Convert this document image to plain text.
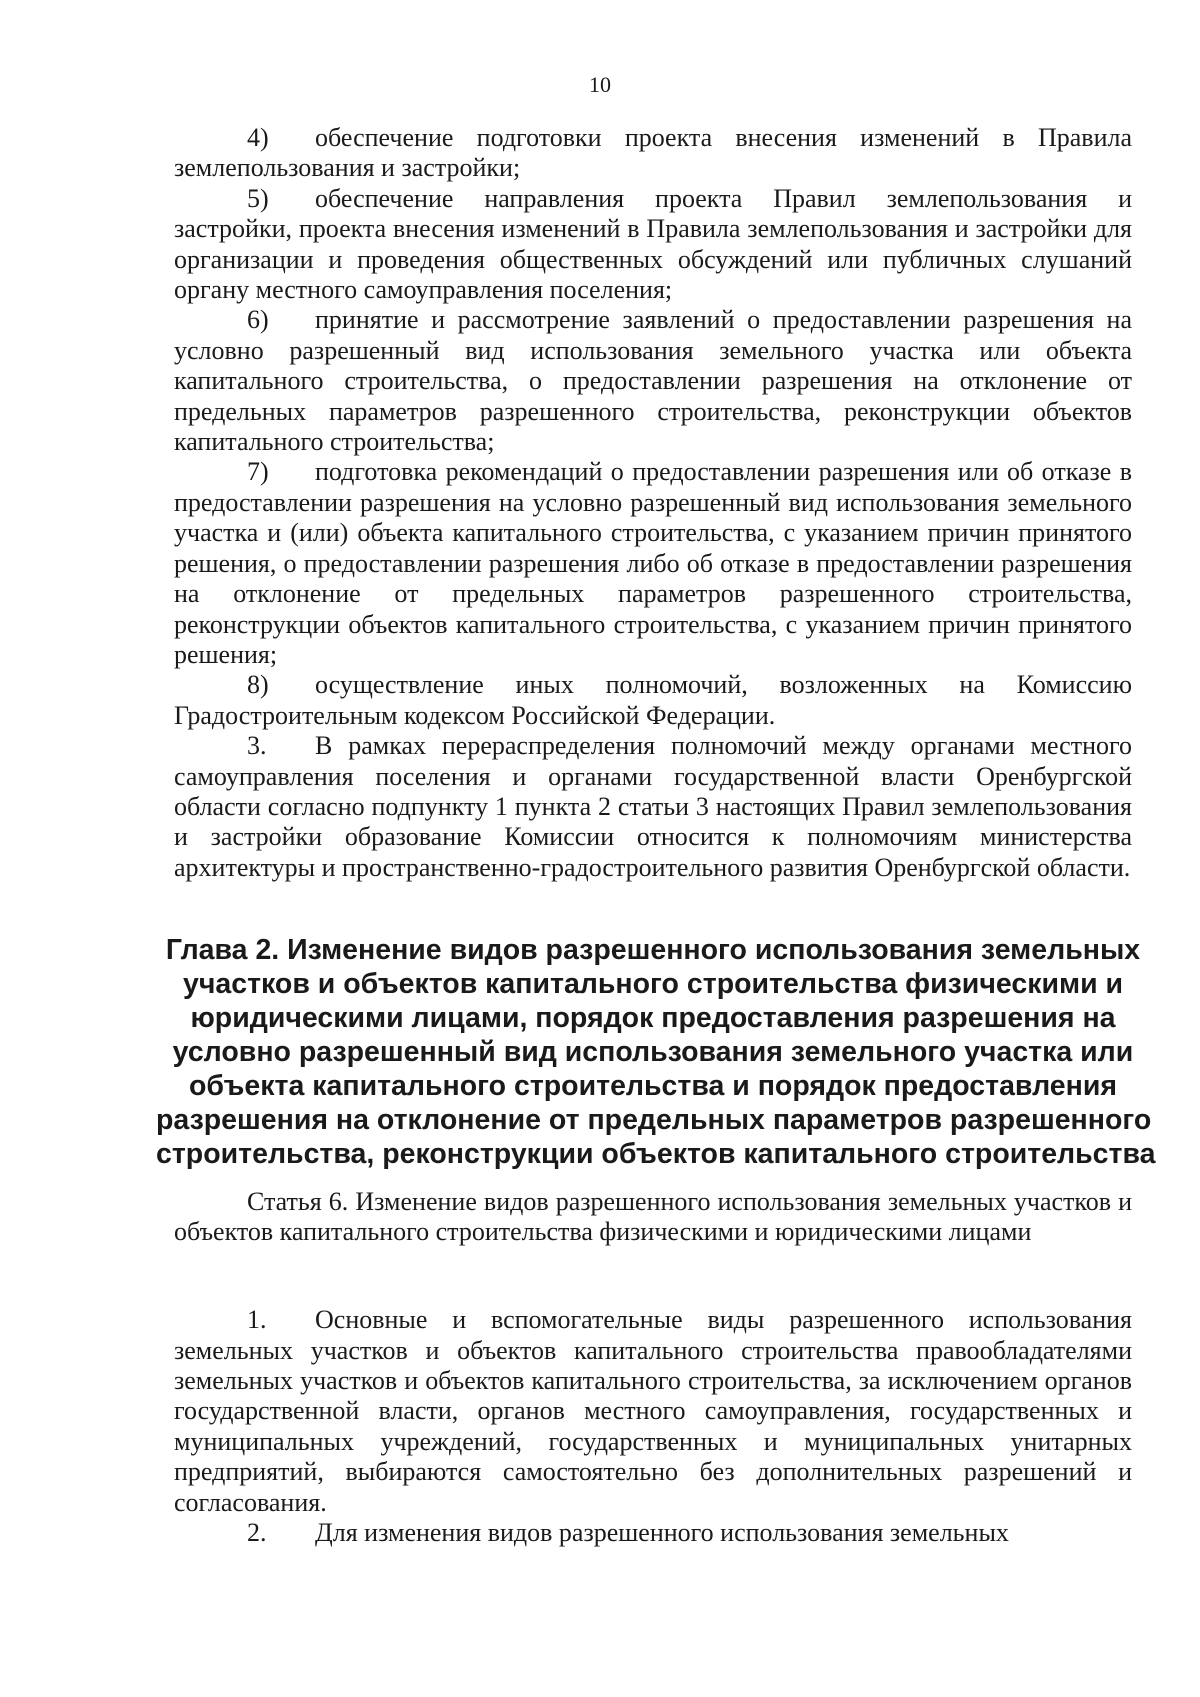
10

4) обеспечение подготовки проекта внесения изменений в Правила землепользования и застройки;

5) обеспечение направления проекта Правил землепользования и застройки, проекта внесения изменений в Правила землепользования и застройки для организации и проведения общественных обсуждений или публичных слушаний органу местного самоуправления поселения;

6) принятие и рассмотрение заявлений о предоставлении разрешения на условно разрешенный вид использования земельного участка или объекта капитального строительства, о предоставлении разрешения на отклонение от предельных параметров разрешенного строительства, реконструкции объектов капитального строительства;

7) подготовка рекомендаций о предоставлении разрешения или об отказе в предоставлении разрешения на условно разрешенный вид использования земельного участка и (или) объекта капитального строительства, с указанием причин принятого решения, о предоставлении разрешения либо об отказе в предоставлении разрешения на отклонение от предельных параметров разрешенного строительства, реконструкции объектов капитального строительства, с указанием причин принятого решения;

8) осуществление иных полномочий, возложенных на Комиссию Градостроительным кодексом Российской Федерации.

3. В рамках перераспределения полномочий между органами местного самоуправления поселения и органами государственной власти Оренбургской области согласно подпункту 1 пункта 2 статьи 3 настоящих Правил землепользования и застройки образование Комиссии относится к полномочиям министерства архитектуры и пространственно-градостроительного развития Оренбургской области.

Глава 2. Изменение видов разрешенного использования земельных
участков и объектов капитального строительства физическими и
юридическими лицами, порядок предоставления разрешения на
условно разрешенный вид использования земельного участка или
объекта капитального строительства и порядок предоставления
разрешения на отклонение от предельных параметров разрешенного
строительства, реконструкции объектов капитального строительства

Статья 6. Изменение видов разрешенного использования земельных участков и объектов капитального строительства физическими и юридическими лицами

1. Основные и вспомогательные виды разрешенного использования земельных участков и объектов капитального строительства правообладателями земельных участков и объектов капитального строительства, за исключением органов государственной власти, органов местного самоуправления, государственных и муниципальных учреждений, государственных и муниципальных унитарных предприятий, выбираются самостоятельно без дополнительных разрешений и согласования.

2. Для изменения видов разрешенного использования земельных
